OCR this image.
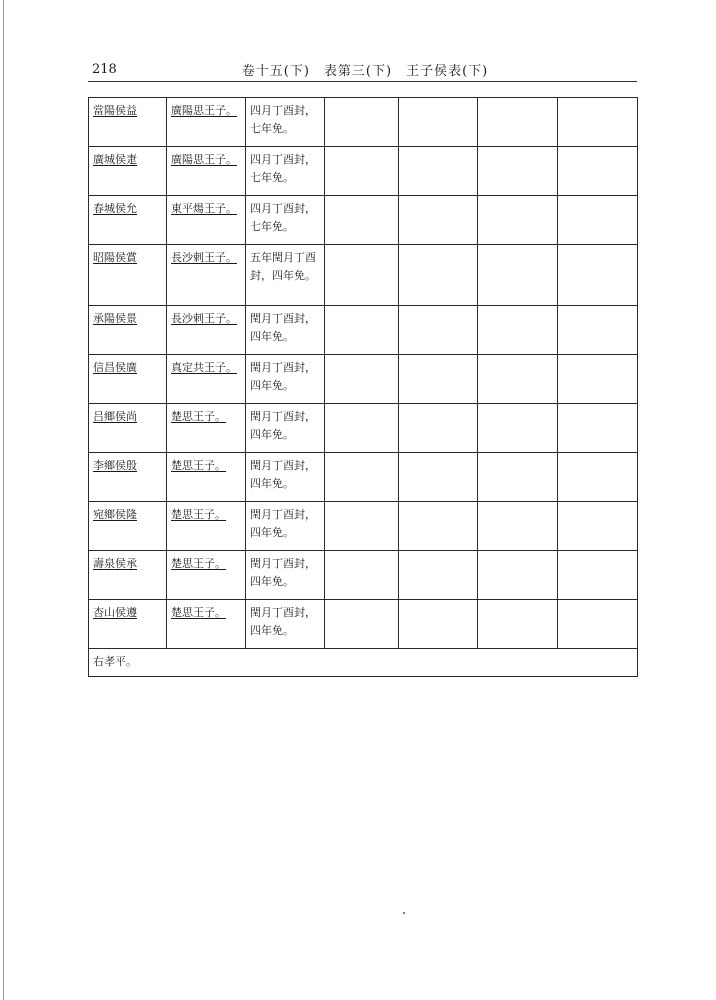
218	卷十五(下)　表第三(下)　王子侯表(下)
當陽侯益	廣陽思王子。	四月丁酉封，七年免。				
廣城侯疌	廣陽思王子。	四月丁酉封，七年免。				
春城侯允	東平煬王子。	四月丁酉封，七年免。				
昭陽侯賞	長沙剌王子。	五年閏月丁酉封，四年免。				
承陽侯景	長沙剌王子。	閏月丁酉封，四年免。				
信昌侯廣	真定共王子。	閏月丁酉封，四年免。				
吕鄉侯尚	楚思王子。	閏月丁酉封，四年免。				
李鄉侯殷	楚思王子。	閏月丁酉封，四年免。				
宛鄉侯隆	楚思王子。	閏月丁酉封，四年免。				
壽泉侯承	楚思王子。	閏月丁酉封，四年免。				
杏山侯遵	楚思王子。	閏月丁酉封，四年免。				
右孝平。						
